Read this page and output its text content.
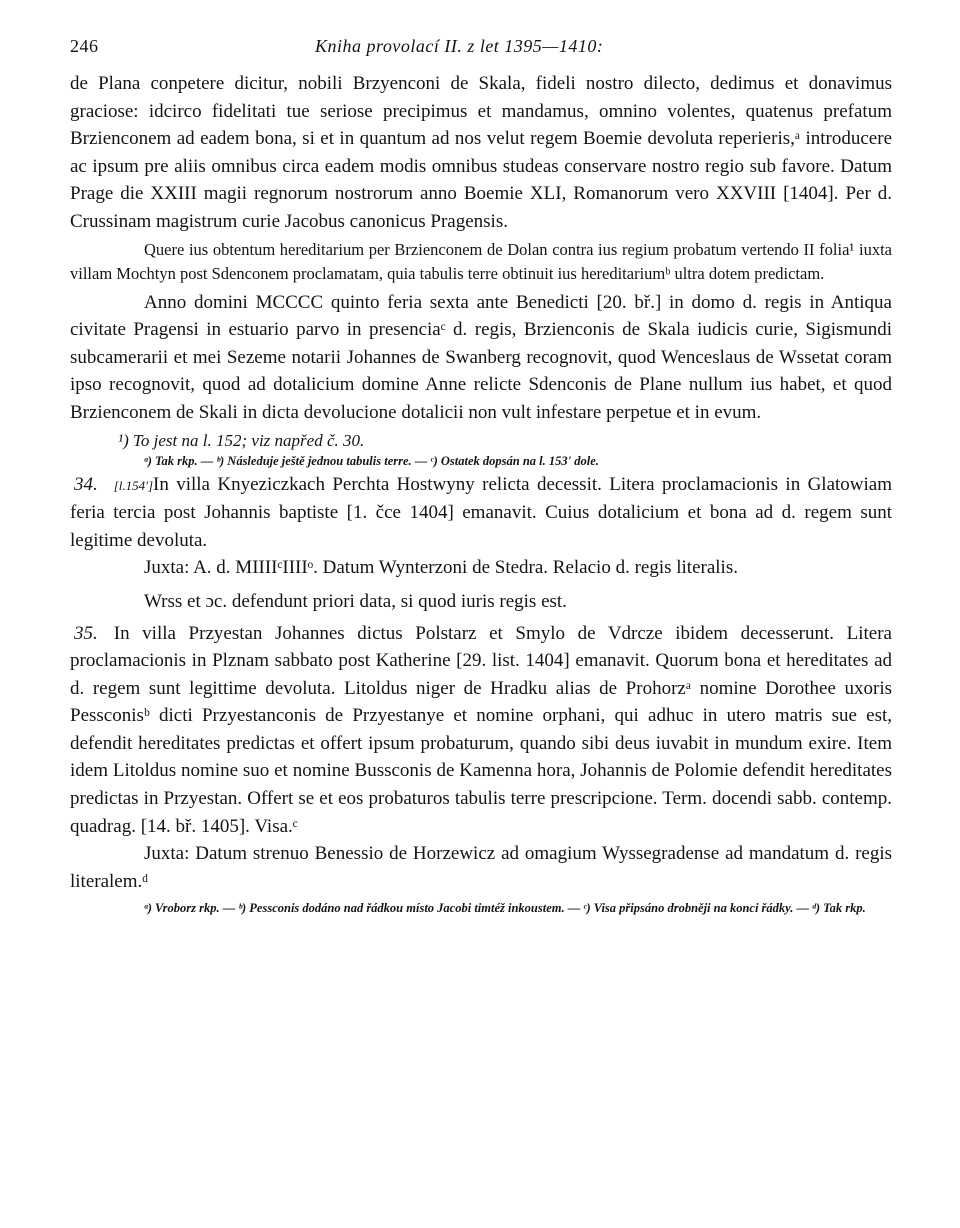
246	Kniha provolací II. z let 1395—1410:

de Plana conpetere dicitur, nobili Brzyenconi de Skala, fideli nostro dilecto, dedimus et donavimus graciose: idcirco fidelitati tue seriose precipimus et mandamus, omnino volentes, quatenus prefatum Brzienconem ad eadem bona, si et in quantum ad nos velut regem Boemie devoluta reperieris,ᵃ introducere ac ipsum pre aliis omnibus circa eadem modis omnibus studeas conservare nostro regio sub favore. Datum Prage die XXIII magii regnorum nostrorum anno Boemie XLI, Romanorum vero XXVIII [1404]. Per d. Crussinam magistrum curie Jacobus canonicus Pragensis.

Quere ius obtentum hereditarium per Brzienconem de Dolan contra ius regium probatum vertendo II folia¹ iuxta villam Mochtyn post Sdenconem proclamatam, quia tabulis terre obtinuit ius hereditariumᵇ ultra dotem predictam.

Anno domini MCCCC quinto feria sexta ante Benedicti [20. bř.] in domo d. regis in Antiqua civitate Pragensi in estuario parvo in presenciaᶜ d. regis, Brzienconis de Skala iudicis curie, Sigismundi subcamerarii et mei Sezeme notarii Johannes de Swanberg recognovit, quod Wenceslaus de Wssetat coram ipso recognovit, quod ad dotalicium domine Anne relicte Sdenconis de Plane nullum ius habet, et quod Brzienconem de Skali in dicta devolucione dotalicii non vult infestare perpetue et in evum.

¹) To jest na l. 152; viz napřed č. 30.
ᵃ) Tak rkp. — ᵇ) Následuje ještě jednou tabulis terre. — ᶜ) Ostatek dopsán na l. 153ʹ dole.

34. [l.154ʹ]In villa Knyeziczkach Perchta Hostwyny relicta decessit. Litera proclamacionis in Glatowiam feria tercia post Johannis baptiste [1. čce 1404] emanavit. Cuius dotalicium et bona ad d. regem sunt legitime devoluta.

Juxta: A. d. MIIIIᶜIIIIᵒ. Datum Wynterzoni de Stedra. Relacio d. regis literalis.

Wrss et ɔc. defendunt priori data, si quod iuris regis est.

35. In villa Przyestan Johannes dictus Polstarz et Smylo de Vdrcze ibidem decesserunt. Litera proclamacionis in Plznam sabbato post Katherine [29. list. 1404] emanavit. Quorum bona et hereditates ad d. regem sunt legittime devoluta. Litoldus niger de Hradku alias de Prohorzᵃ nomine Dorothee uxoris Pessconisᵇ dicti Przyestanconis de Przyestanye et nomine orphani, qui adhuc in utero matris sue est, defendit hereditates predictas et offert ipsum probaturum, quando sibi deus iuvabit in mundum exire. Item idem Litoldus nomine suo et nomine Bussconis de Kamenna hora, Johannis de Polomie defendit hereditates predictas in Przyestan. Offert se et eos probaturos tabulis terre prescripcione. Term. docendi sabb. contemp. quadrag. [14. bř. 1405]. Visa.ᶜ

Juxta: Datum strenuo Benessio de Horzewicz ad omagium Wyssegradense ad mandatum d. regis literalem.ᵈ

ᵃ) Vroborz rkp. — ᵇ) Pessconis dodáno nad řádkou místo Jacobi timtéž inkoustem. — ᶜ) Visa připsáno drobněji na konci řádky. — ᵈ) Tak rkp.
